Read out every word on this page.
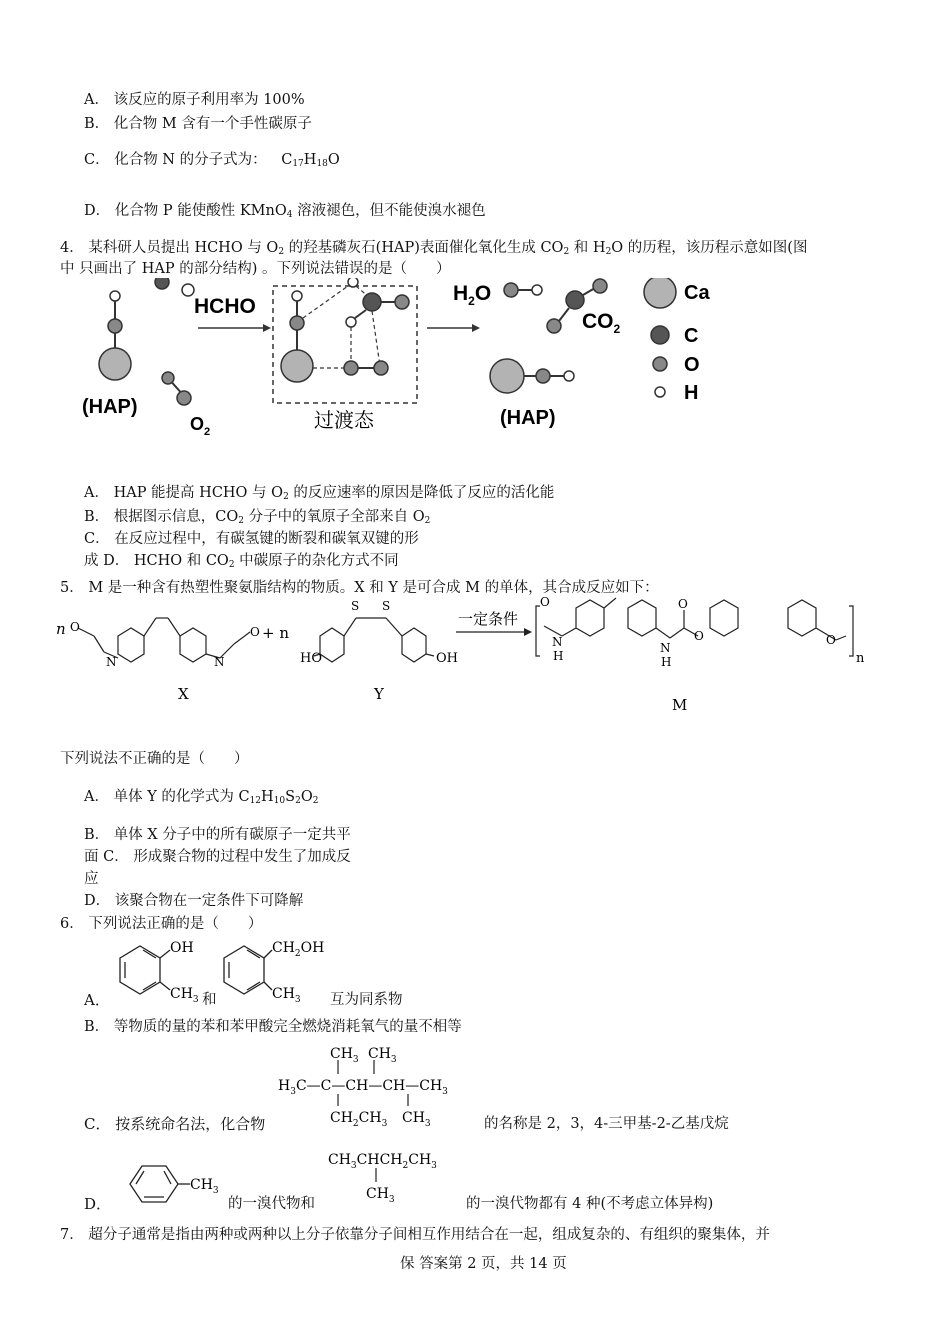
A． 该反应的原子利用率为 100%
B． 化合物 M 含有一个手性碳原子
C． 化合物 N 的分子式为： $C_{17}H_{18}O$
D． 化合物 P 能使酸性 KMnO$_4$ 溶液褪色，但不能使溴水褪色
4． 某科研人员提出 HCHO 与 $O_2$ 的羟基磷灰石(HAP)表面催化氧化生成 $CO_2$ 和 $H_2O$ 的历程，该历程示意如图(图
中 只画出了 HAP 的部分结构) 。下列说法错误的是（　　）
(HAP)
$O_2$
HCHO
过渡态
$H_2O$
$CO_2$
(HAP)
Ca
C
O
H
A． HAP 能提高 HCHO 与 $O_2$ 的反应速率的原因是降低了反应的活化能
B． 根据图示信息，$CO_2$ 分子中的氧原子全部来自 $O_2$
C． 在反应过程中，有碳氢键的断裂和碳氧双键的形
成 D． HCHO 和 $CO_2$ 中碳原子的杂化方式不同
5． M 是一种含有热塑性聚氨脂结构的物质。X 和 Y 是可合成 M 的单体，其合成反应如下：
n O
N	N
O + n
S S
HO	OH
一定条件
X	Y
M
O
N
H
N
H
O
O	O
n
下列说法不正确的是（　　）
A． 单体 Y 的化学式为 $C_{12}H_{10}S_2O_2$
B． 单体 X 分子中的所有碳原子一定共平
面 C． 形成聚合物的过程中发生了加成反
应
D． 该聚合物在一定条件下可降解
6． 下列说法正确的是（　　）
OH
$CH_3$
$CH_2OH$
$CH_3$
A．	和	互为同系物
B． 等物质的量的苯和苯甲酸完全燃烧消耗氧气的量不相等
$CH_3$ $CH_3$
$H_3C—C—CH—CH—CH_3$
$CH_2CH_3$ $CH_3$
C． 按系统命名法，化合物	的名称是 2，3，4-三甲基-2-乙基戊烷
$CH_3$
$CH_3CHCH_2CH_3$
$CH_3$
D．	的一溴代物和	的一溴代物都有 4 种(不考虑立体异构)
7． 超分子通常是指由两种或两种以上分子依靠分子间相互作用结合在一起，组成复杂的、有组织的聚集体，并
保 答案第 2 页，共 14 页
